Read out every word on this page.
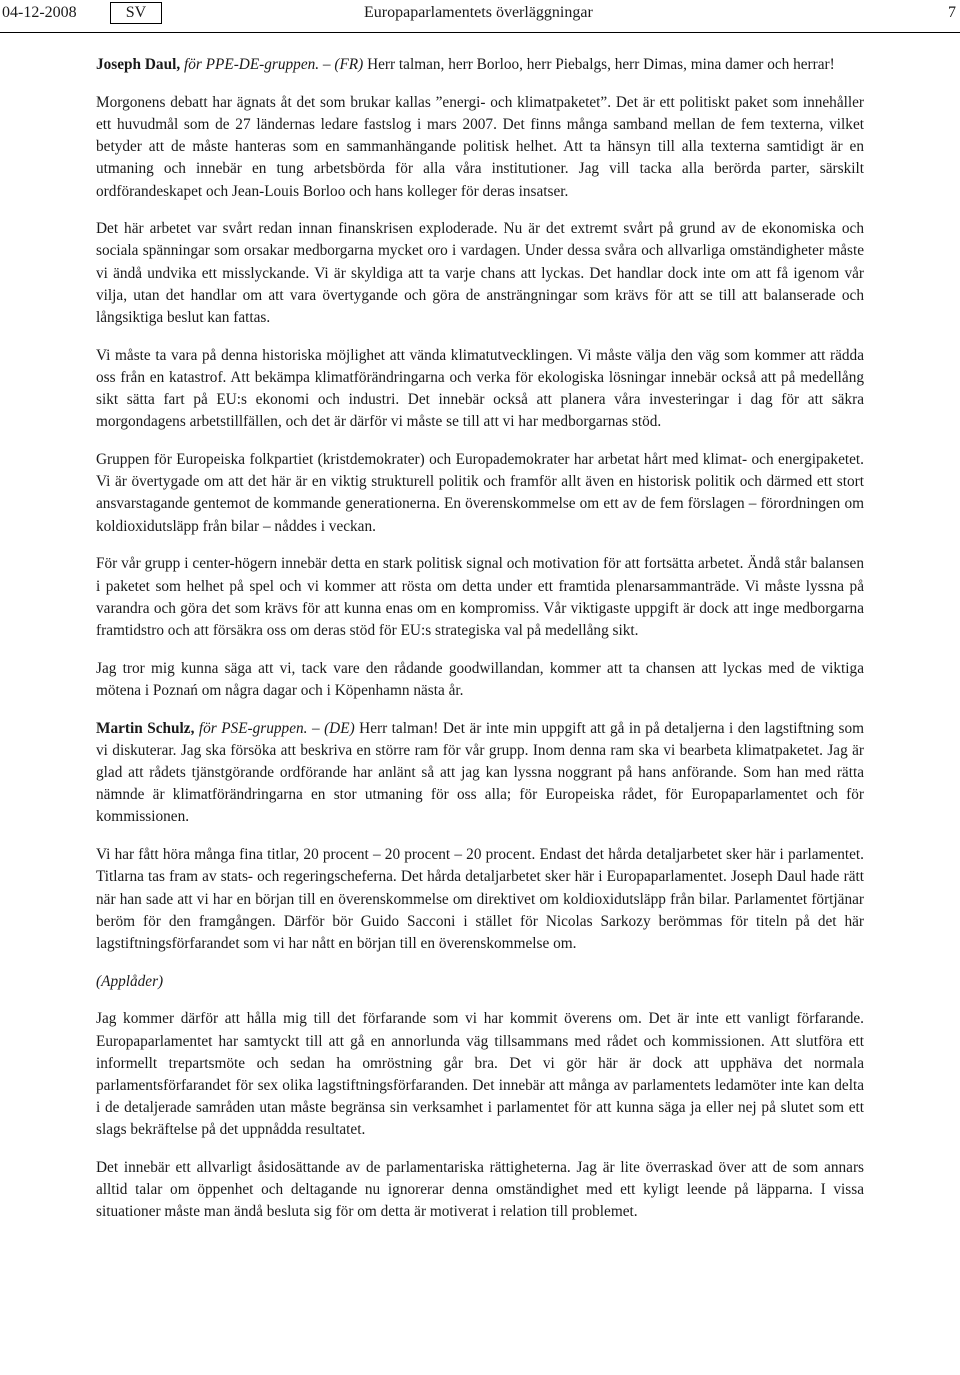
04-12-2008	SV	Europaparlamentets överläggningar	7

Joseph Daul, för PPE-DE-gruppen. – (FR) Herr talman, herr Borloo, herr Piebalgs, herr Dimas, mina damer och herrar!

Morgonens debatt har ägnats åt det som brukar kallas ”energi- och klimatpaketet”. Det är ett politiskt paket som innehåller ett huvudmål som de 27 ländernas ledare fastslog i mars 2007. Det finns många samband mellan de fem texterna, vilket betyder att de måste hanteras som en sammanhängande politisk helhet. Att ta hänsyn till alla texterna samtidigt är en utmaning och innebär en tung arbetsbörda för alla våra institutioner. Jag vill tacka alla berörda parter, särskilt ordförandeskapet och Jean-Louis Borloo och hans kolleger för deras insatser.

Det här arbetet var svårt redan innan finanskrisen exploderade. Nu är det extremt svårt på grund av de ekonomiska och sociala spänningar som orsakar medborgarna mycket oro i vardagen. Under dessa svåra och allvarliga omständigheter måste vi ändå undvika ett misslyckande. Vi är skyldiga att ta varje chans att lyckas. Det handlar dock inte om att få igenom vår vilja, utan det handlar om att vara övertygande och göra de ansträngningar som krävs för att se till att balanserade och långsiktiga beslut kan fattas.

Vi måste ta vara på denna historiska möjlighet att vända klimatutvecklingen. Vi måste välja den väg som kommer att rädda oss från en katastrof. Att bekämpa klimatförändringarna och verka för ekologiska lösningar innebär också att på medellång sikt sätta fart på EU:s ekonomi och industri. Det innebär också att planera våra investeringar i dag för att säkra morgondagens arbetstillfällen, och det är därför vi måste se till att vi har medborgarnas stöd.

Gruppen för Europeiska folkpartiet (kristdemokrater) och Europademokrater har arbetat hårt med klimat- och energipaketet. Vi är övertygade om att det här är en viktig strukturell politik och framför allt även en historisk politik och därmed ett stort ansvarstagande gentemot de kommande generationerna. En överenskommelse om ett av de fem förslagen – förordningen om koldioxidutsläpp från bilar – nåddes i veckan.

För vår grupp i center-högern innebär detta en stark politisk signal och motivation för att fortsätta arbetet. Ändå står balansen i paketet som helhet på spel och vi kommer att rösta om detta under ett framtida plenarsammanträde. Vi måste lyssna på varandra och göra det som krävs för att kunna enas om en kompromiss. Vår viktigaste uppgift är dock att inge medborgarna framtidstro och att försäkra oss om deras stöd för EU:s strategiska val på medellång sikt.

Jag tror mig kunna säga att vi, tack vare den rådande goodwillandan, kommer att ta chansen att lyckas med de viktiga mötena i Poznań om några dagar och i Köpenhamn nästa år.

Martin Schulz, för PSE-gruppen. – (DE) Herr talman! Det är inte min uppgift att gå in på detaljerna i den lagstiftning som vi diskuterar. Jag ska försöka att beskriva en större ram för vår grupp. Inom denna ram ska vi bearbeta klimatpaketet. Jag är glad att rådets tjänstgörande ordförande har anlänt så att jag kan lyssna noggrant på hans anförande. Som han med rätta nämnde är klimatförändringarna en stor utmaning för oss alla; för Europeiska rådet, för Europaparlamentet och för kommissionen.

Vi har fått höra många fina titlar, 20 procent – 20 procent – 20 procent. Endast det hårda detaljarbetet sker här i parlamentet. Titlarna tas fram av stats- och regeringscheferna. Det hårda detaljarbetet sker här i Europaparlamentet. Joseph Daul hade rätt när han sade att vi har en början till en överenskommelse om direktivet om koldioxidutsläpp från bilar. Parlamentet förtjänar beröm för den framgången. Därför bör Guido Sacconi i stället för Nicolas Sarkozy berömmas för titeln på det här lagstiftningsförfarandet som vi har nått en början till en överenskommelse om.

(Applåder)

Jag kommer därför att hålla mig till det förfarande som vi har kommit överens om. Det är inte ett vanligt förfarande. Europaparlamentet har samtyckt till att gå en annorlunda väg tillsammans med rådet och kommissionen. Att slutföra ett informellt trepartsmöte och sedan ha omröstning går bra. Det vi gör här är dock att upphäva det normala parlamentsförfarandet för sex olika lagstiftningsförfaranden. Det innebär att många av parlamentets ledamöter inte kan delta i de detaljerade samråden utan måste begränsa sin verksamhet i parlamentet för att kunna säga ja eller nej på slutet som ett slags bekräftelse på det uppnådda resultatet.

Det innebär ett allvarligt åsidosättande av de parlamentariska rättigheterna. Jag är lite överraskad över att de som annars alltid talar om öppenhet och deltagande nu ignorerar denna omständighet med ett kyligt leende på läpparna. I vissa situationer måste man ändå besluta sig för om detta är motiverat i relation till problemet.
